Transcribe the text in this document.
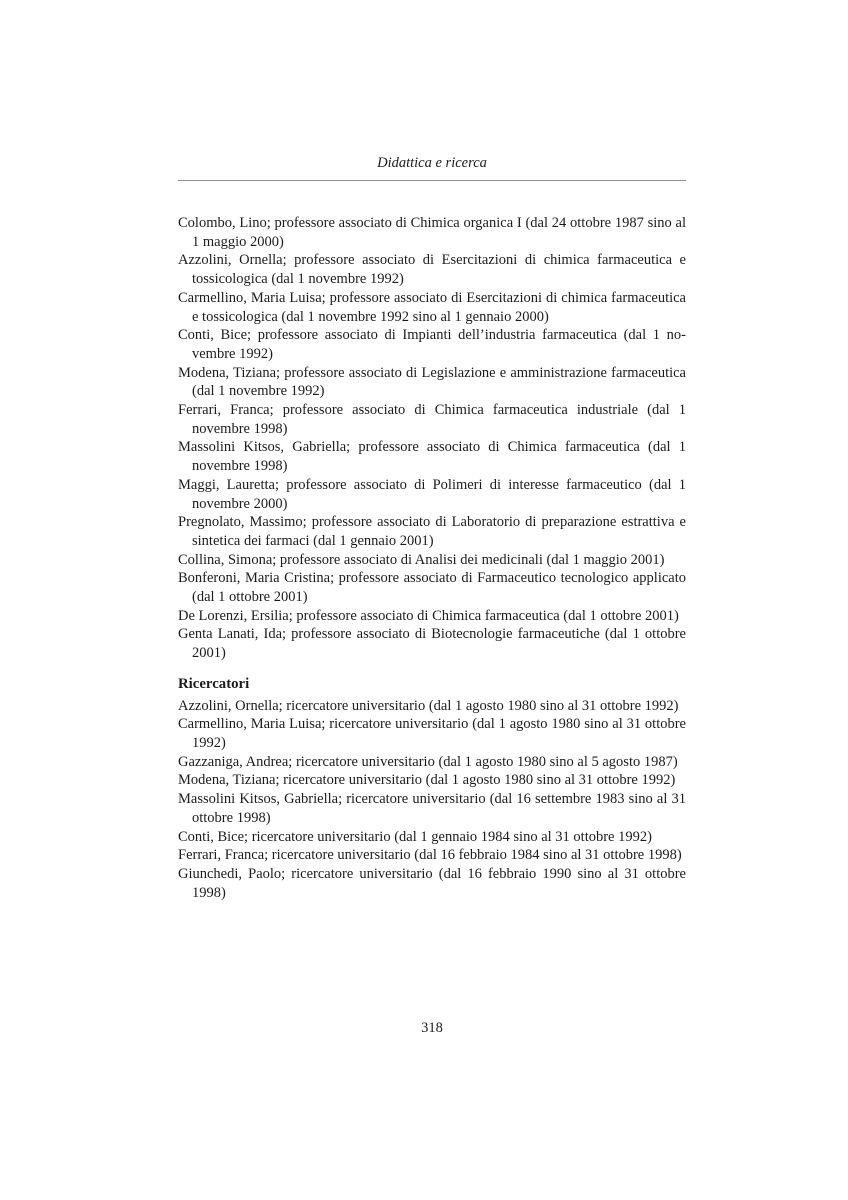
Didattica e ricerca

Colombo, Lino; professore associato di Chimica organica I (dal 24 ottobre 1987 sino al 1 maggio 2000)

Azzolini, Ornella; professore associato di Esercitazioni di chimica farmaceutica e tossicologica (dal 1 novembre 1992)

Carmellino, Maria Luisa; professore associato di Esercitazioni di chimica farmaceutica e tossicologica (dal 1 novembre 1992 sino al 1 gennaio 2000)

Conti, Bice; professore associato di Impianti dell’industria farmaceutica (dal 1 novembre 1992)

Modena, Tiziana; professore associato di Legislazione e amministrazione farmaceutica (dal 1 novembre 1992)

Ferrari, Franca; professore associato di Chimica farmaceutica industriale (dal 1 novembre 1998)

Massolini Kitsos, Gabriella; professore associato di Chimica farmaceutica (dal 1 novembre 1998)

Maggi, Lauretta; professore associato di Polimeri di interesse farmaceutico (dal 1 novembre 2000)

Pregnolato, Massimo; professore associato di Laboratorio di preparazione estrattiva e sintetica dei farmaci (dal 1 gennaio 2001)

Collina, Simona; professore associato di Analisi dei medicinali (dal 1 maggio 2001)

Bonferoni, Maria Cristina; professore associato di Farmaceutico tecnologico applicato (dal 1 ottobre 2001)

De Lorenzi, Ersilia; professore associato di Chimica farmaceutica (dal 1 ottobre 2001)

Genta Lanati, Ida; professore associato di Biotecnologie farmaceutiche (dal 1 ottobre 2001)

Ricercatori

Azzolini, Ornella; ricercatore universitario (dal 1 agosto 1980 sino al 31 ottobre 1992)

Carmellino, Maria Luisa; ricercatore universitario (dal 1 agosto 1980 sino al 31 ottobre 1992)

Gazzaniga, Andrea; ricercatore universitario (dal 1 agosto 1980 sino al 5 agosto 1987)

Modena, Tiziana; ricercatore universitario (dal 1 agosto 1980 sino al 31 ottobre 1992)

Massolini Kitsos, Gabriella; ricercatore universitario (dal 16 settembre 1983 sino al 31 ottobre 1998)

Conti, Bice; ricercatore universitario (dal 1 gennaio 1984 sino al 31 ottobre 1992)

Ferrari, Franca; ricercatore universitario (dal 16 febbraio 1984 sino al 31 ottobre 1998)

Giunchedi, Paolo; ricercatore universitario (dal 16 febbraio 1990 sino al 31 ottobre 1998)

318
